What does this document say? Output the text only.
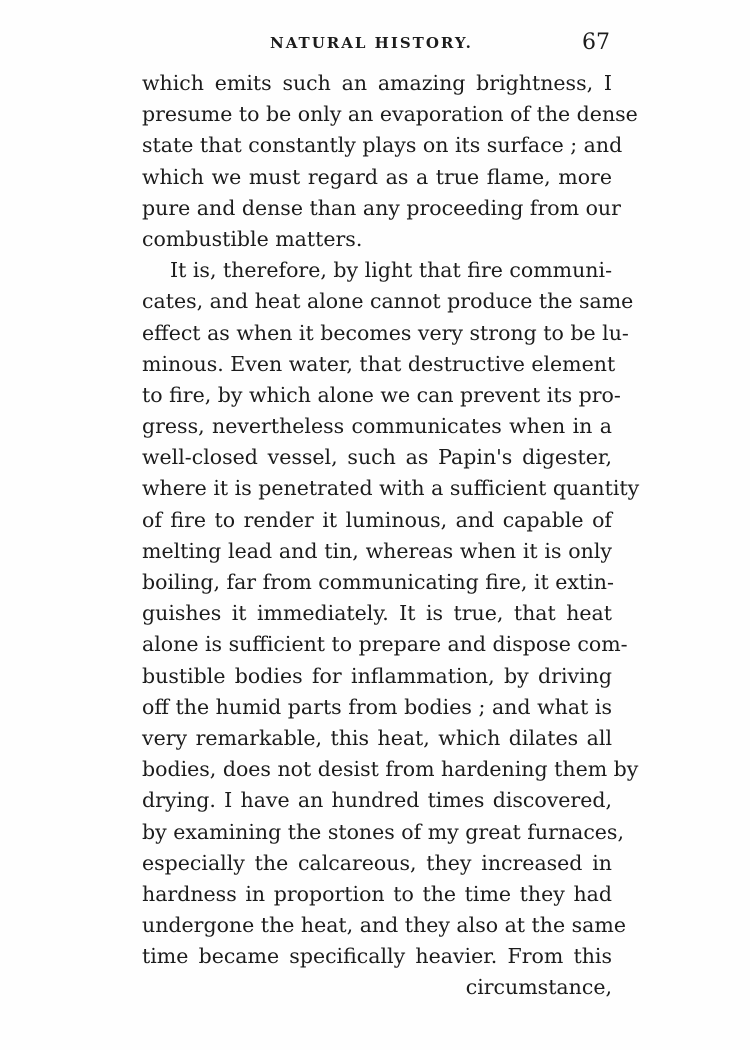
NATURAL HISTORY.	67
which emits such an amazing brightness, I
presume to be only an evaporation of the dense
state that constantly plays on its surface ; and
which we must regard as a true flame, more
pure and dense than any proceeding from our
combustible matters.
It is, therefore, by light that fire communi-
cates, and heat alone cannot produce the same
effect as when it becomes very strong to be lu-
minous. Even water, that destructive element
to fire, by which alone we can prevent its pro-
gress, nevertheless communicates when in a
well-closed vessel, such as Papin's digester,
where it is penetrated with a sufficient quantity
of fire to render it luminous, and capable of
melting lead and tin, whereas when it is only
boiling, far from communicating fire, it extin-
guishes it immediately. It is true, that heat
alone is sufficient to prepare and dispose com-
bustible bodies for inflammation, by driving
off the humid parts from bodies ; and what is
very remarkable, this heat, which dilates all
bodies, does not desist from hardening them by
drying. I have an hundred times discovered,
by examining the stones of my great furnaces,
especially the calcareous, they increased in
hardness in proportion to the time they had
undergone the heat, and they also at the same
time became specifically heavier. From this
circumstance,
